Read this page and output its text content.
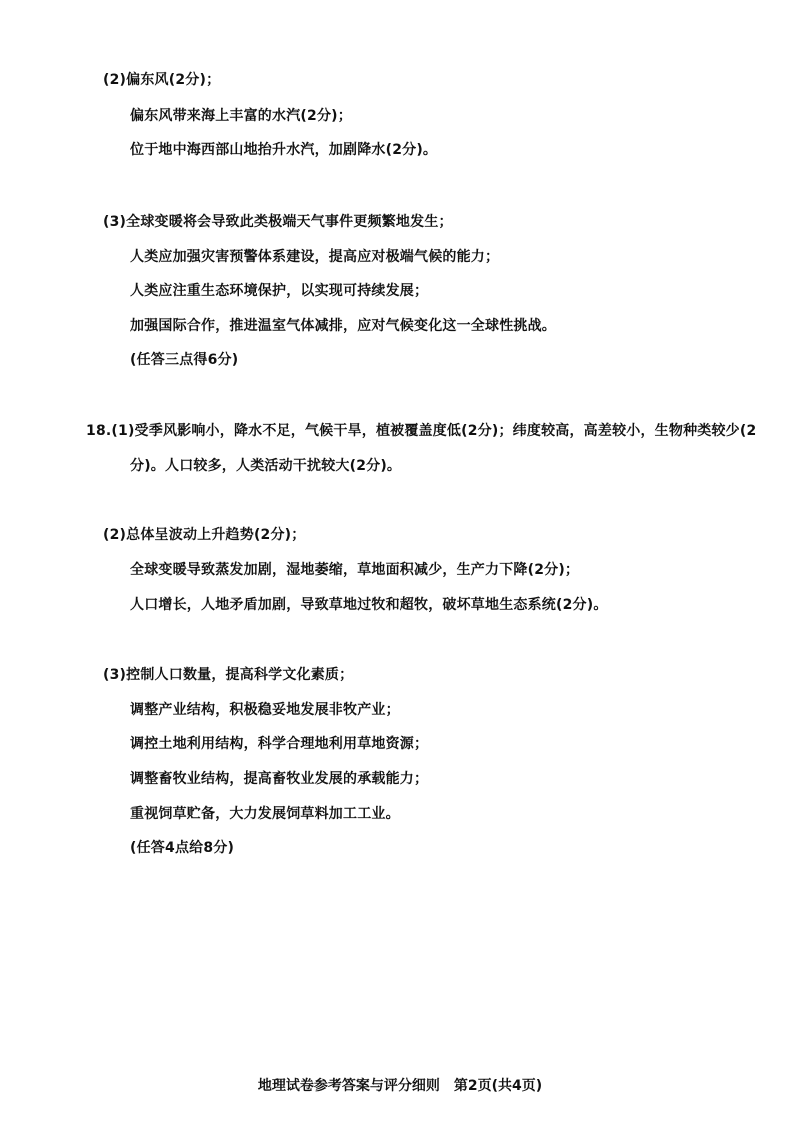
(2)偏东风(2分)；
偏东风带来海上丰富的水汽(2分)；
位于地中海西部山地抬升水汽，加剧降水(2分)。
(3)全球变暖将会导致此类极端天气事件更频繁地发生；
人类应加强灾害预警体系建设，提高应对极端气候的能力；
人类应注重生态环境保护，以实现可持续发展；
加强国际合作，推进温室气体减排，应对气候变化这一全球性挑战。
(任答三点得6分)
18.(1)受季风影响小，降水不足，气候干旱，植被覆盖度低(2分)；纬度较高，高差较小，生物种类较少(2
分)。人口较多，人类活动干扰较大(2分)。
(2)总体呈波动上升趋势(2分)；
全球变暖导致蒸发加剧，湿地萎缩，草地面积减少，生产力下降(2分)；
人口增长，人地矛盾加剧，导致草地过牧和超牧，破坏草地生态系统(2分)。
(3)控制人口数量，提高科学文化素质；
调整产业结构，积极稳妥地发展非牧产业；
调控土地利用结构，科学合理地利用草地资源；
调整畜牧业结构，提高畜牧业发展的承载能力；
重视饲草贮备，大力发展饲草料加工工业。
(任答4点给8分)
地理试卷参考答案与评分细则　第2页(共4页)
